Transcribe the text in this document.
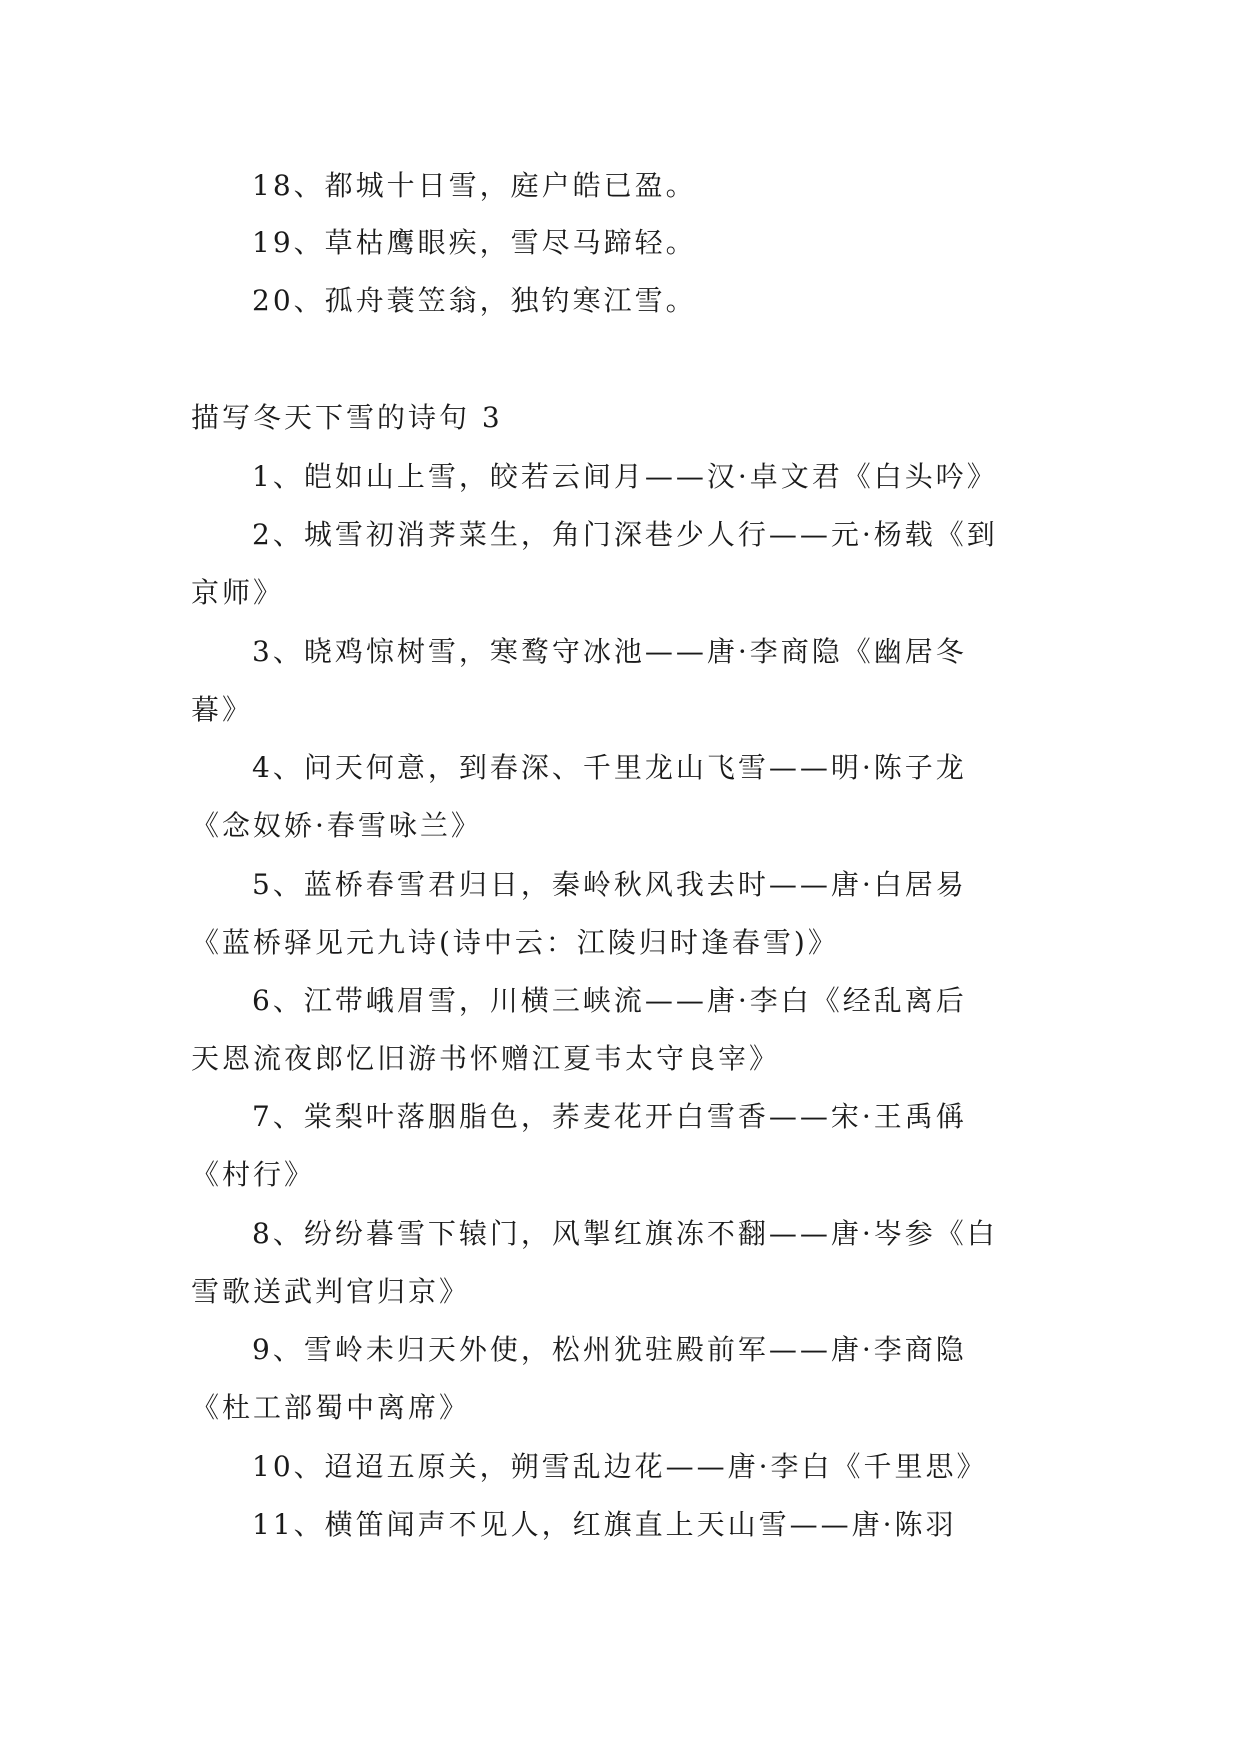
18、都城十日雪，庭户皓已盈。
19、草枯鹰眼疾，雪尽马蹄轻。
20、孤舟蓑笠翁，独钓寒江雪。
描写冬天下雪的诗句 3
1、皑如山上雪，皎若云间月——汉·卓文君《白头吟》
2、城雪初消荠菜生，角门深巷少人行——元·杨载《到
京师》
3、晓鸡惊树雪，寒鹜守冰池——唐·李商隐《幽居冬
暮》
4、问天何意，到春深、千里龙山飞雪——明·陈子龙
《念奴娇·春雪咏兰》
5、蓝桥春雪君归日，秦岭秋风我去时——唐·白居易
《蓝桥驿见元九诗(诗中云：江陵归时逢春雪)》
6、江带峨眉雪，川横三峡流——唐·李白《经乱离后
天恩流夜郎忆旧游书怀赠江夏韦太守良宰》
7、棠梨叶落胭脂色，荞麦花开白雪香——宋·王禹偁
《村行》
8、纷纷暮雪下辕门，风掣红旗冻不翻——唐·岑参《白
雪歌送武判官归京》
9、雪岭未归天外使，松州犹驻殿前军——唐·李商隐
《杜工部蜀中离席》
10、迢迢五原关，朔雪乱边花——唐·李白《千里思》
11、横笛闻声不见人，红旗直上天山雪——唐·陈羽
